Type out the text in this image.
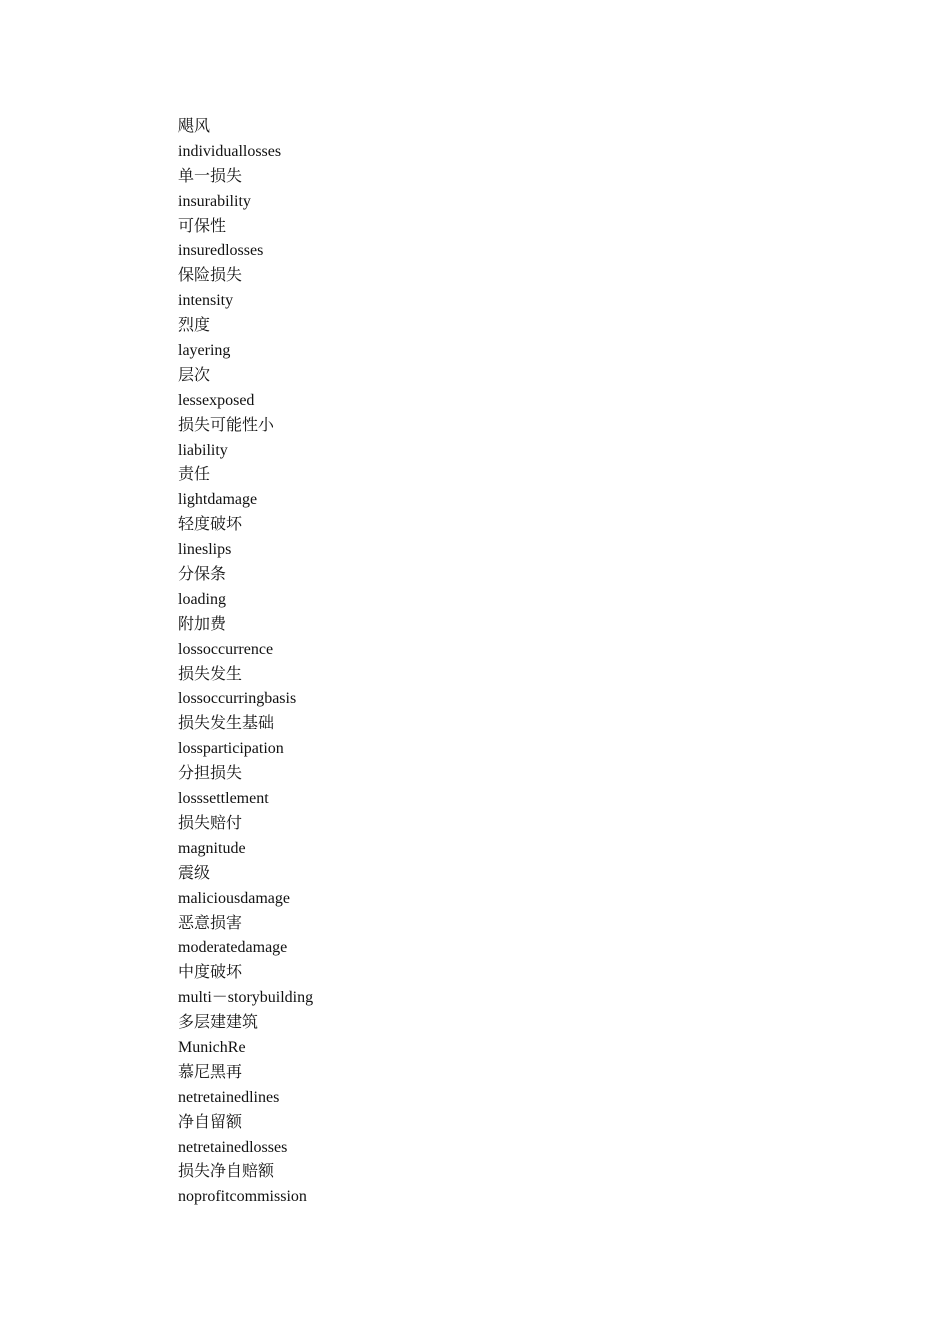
飓风
individuallosses
单一损失
insurability
可保性
insuredlosses
保险损失
intensity
烈度
layering
层次
lessexposed
损失可能性小
liability
责任
lightdamage
轻度破坏
lineslips
分保条
loading
附加费
lossoccurrence
损失发生
lossoccurringbasis
损失发生基础
lossparticipation
分担损失
losssettlement
损失赔付
magnitude
震级
maliciousdamage
恶意损害
moderatedamage
中度破坏
multi－storybuilding
多层建建筑
MunichRe
慕尼黑再
netretainedlines
净自留额
netretainedlosses
损失净自赔额
noprofitcommission
